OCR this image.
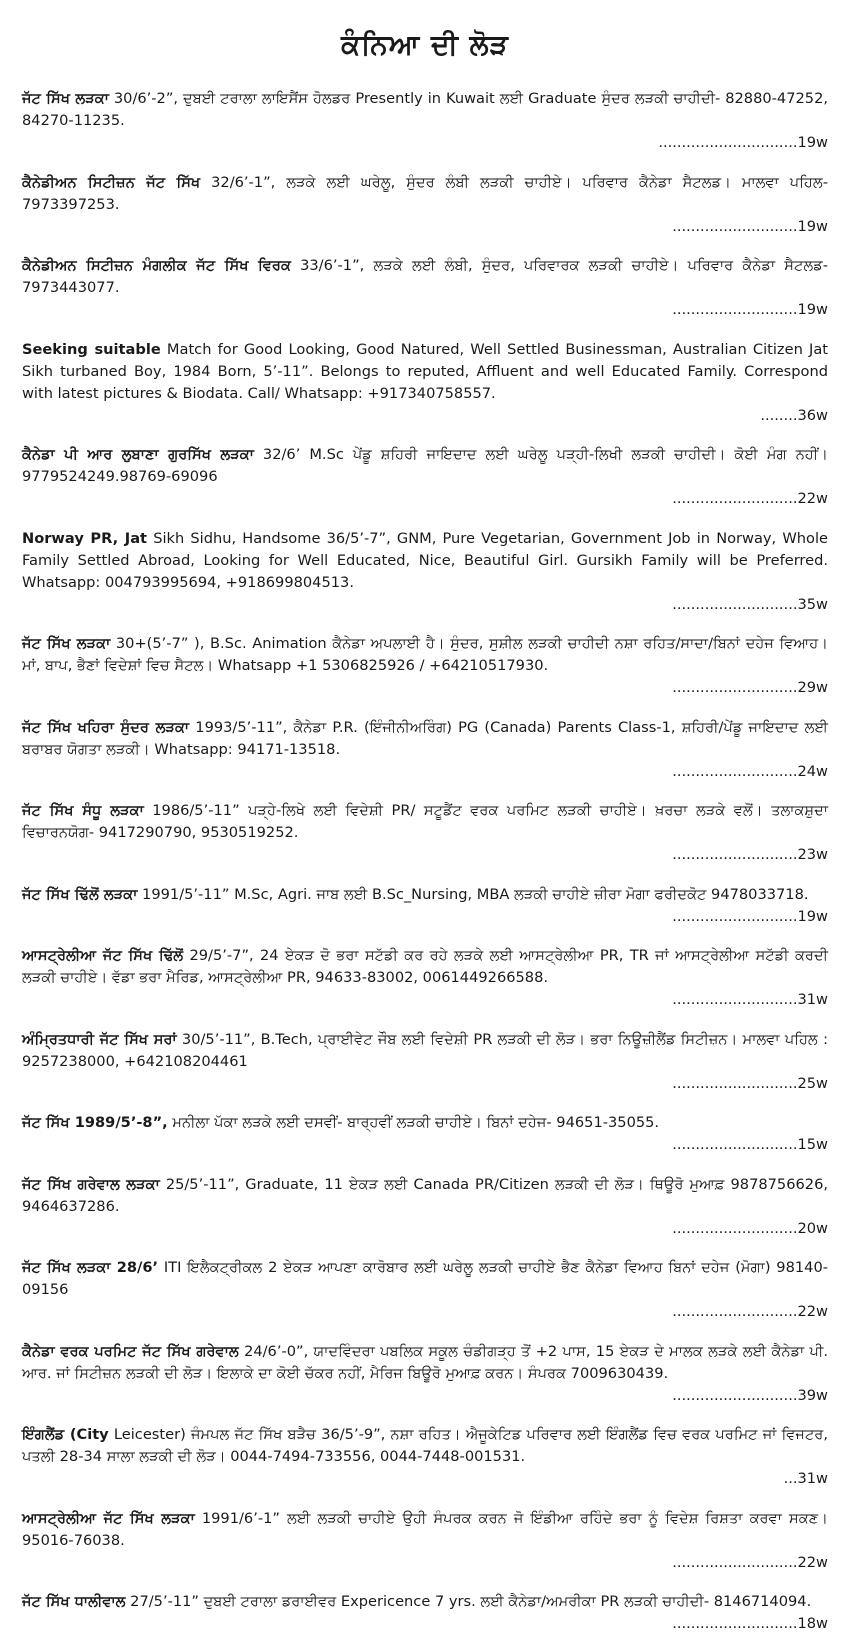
ਕੰਨਿਆ ਦੀ ਲੋੜ
ਜੱਟ ਸਿੱਖ ਲੜਕਾ 30/6’-2”, ਦੁਬਈ ਟਰਾਲਾ ਲਾਇਸੈਂਸ ਹੋਲਡਰ Presently in Kuwait ਲਈ Graduate ਸੁੰਦਰ ਲੜਕੀ ਚਾਹੀਦੀ- 82880-47252, 84270-11235.
.............................. 19w
ਕੈਨੇਡੀਅਨ ਸਿਟੀਜ਼ਨ ਜੱਟ ਸਿੱਖ 32/6’-1”, ਲੜਕੇ ਲਈ ਘਰੇਲੂ, ਸੁੰਦਰ ਲੰਬੀ ਲੜਕੀ ਚਾਹੀਏ। ਪਰਿਵਾਰ ਕੈਨੇਡਾ ਸੈਟਲਡ। ਮਾਲਵਾ ਪਹਿਲ- 7973397253.
........................... 19w
ਕੈਨੇਡੀਅਨ ਸਿਟੀਜ਼ਨ ਮੰਗਲੀਕ ਜੱਟ ਸਿੱਖ ਵਿਰਕ 33/6’-1”, ਲੜਕੇ ਲਈ ਲੰਬੀ, ਸੁੰਦਰ, ਪਰਿਵਾਰਕ ਲੜਕੀ ਚਾਹੀਏ। ਪਰਿਵਾਰ ਕੈਨੇਡਾ ਸੈਟਲਡ- 7973443077.
........................... 19w
Seeking suitable Match for Good Looking, Good Natured, Well Settled Businessman, Australian Citizen Jat Sikh turbaned Boy, 1984 Born, 5’-11”. Belongs to reputed, Affluent and well Educated Family. Correspond with latest pictures & Biodata. Call/ Whatsapp: +917340758557.
........ 36w
ਕੈਨੇਡਾ ਪੀ ਆਰ ਲੁਬਾਣਾ ਗੁਰਸਿੱਖ ਲੜਕਾ 32/6’ M.Sc ਪੇਂਡੂ ਸ਼ਹਿਰੀ ਜਾਇਦਾਦ ਲਈ ਘਰੇਲੂ ਪੜ੍ਹੀ-ਲਿਖੀ ਲੜਕੀ ਚਾਹੀਦੀ। ਕੋਈ ਮੰਗ ਨਹੀਂ। 9779524249.98769-69096
........................... 22w
Norway PR, Jat Sikh Sidhu, Handsome 36/5’-7”, GNM, Pure Vegetarian, Government Job in Norway, Whole Family Settled Abroad, Looking for Well Educated, Nice, Beautiful Girl. Gursikh Family will be Preferred. Whatsapp: 004793995694, +918699804513.
........................... 35w
ਜੱਟ ਸਿੱਖ ਲੜਕਾ 30+(5’-7” ), B.Sc. Animation ਕੈਨੇਡਾ ਅਪਲਾਈ ਹੈ। ਸੁੰਦਰ, ਸੁਸ਼ੀਲ ਲੜਕੀ ਚਾਹੀਦੀ ਨਸ਼ਾ ਰਹਿਤ/ਸਾਦਾ/ਬਿਨਾਂ ਦਹੇਜ ਵਿਆਹ। ਮਾਂ, ਬਾਪ, ਭੈਣਾਂ ਵਿਦੇਸ਼ਾਂ ਵਿਚ ਸੈਟਲ। Whatsapp +1 5306825926 / +64210517930.
........................... 29w
ਜੱਟ ਸਿੱਖ ਖਹਿਰਾ ਸੁੰਦਰ ਲੜਕਾ 1993/5’-11”, ਕੈਨੇਡਾ P.R. (ਇੰਜੀਨੀਅਰਿੰਗ) PG (Canada) Parents Class-1, ਸ਼ਹਿਰੀ/ਪੇਂਡੂ ਜਾਇਦਾਦ ਲਈ ਬਰਾਬਰ ਯੋਗਤਾ ਲੜਕੀ। Whatsapp: 94171-13518.
........................... 24w
ਜੱਟ ਸਿੱਖ ਸੰਧੂ ਲੜਕਾ 1986/5’-11” ਪੜ੍ਹੇ-ਲਿਖੇ ਲਈ ਵਿਦੇਸ਼ੀ PR/ ਸਟੂਡੈਂਟ ਵਰਕ ਪਰਮਿਟ ਲੜਕੀ ਚਾਹੀਏ। ਖ਼ਰਚਾ ਲੜਕੇ ਵਲੋਂ। ਤਲਾਕਸ਼ੁਦਾ ਵਿਚਾਰਨਯੋਗ- 9417290790, 9530519252.
........................... 23w
ਜੱਟ ਸਿੱਖ ਢਿੱਲੋਂ ਲੜਕਾ 1991/5’-11” M.Sc, Agri. ਜਾਬ ਲਈ B.Sc_Nursing, MBA ਲੜਕੀ ਚਾਹੀਏ ਜ਼ੀਰਾ ਮੋਗਾ ਫਰੀਦਕੋਟ 9478033718.
........................... 19w
ਆਸਟ੍ਰੇਲੀਆ ਜੱਟ ਸਿੱਖ ਢਿੱਲੋਂ 29/5’-7”, 24 ਏਕੜ ਦੋ ਭਰਾ ਸਟੱਡੀ ਕਰ ਰਹੇ ਲੜਕੇ ਲਈ ਆਸਟ੍ਰੇਲੀਆ PR, TR ਜਾਂ ਆਸਟ੍ਰੇਲੀਆ ਸਟੱਡੀ ਕਰਦੀ ਲੜਕੀ ਚਾਹੀਏ। ਵੱਡਾ ਭਰਾ ਮੈਰਿਡ, ਆਸਟ੍ਰੇਲੀਆ PR, 94633-83002, 0061449266588.
........................... 31w
ਅੰਮ੍ਰਿਤਧਾਰੀ ਜੱਟ ਸਿੱਖ ਸਰਾਂ 30/5’-11”, B.Tech, ਪ੍ਰਾਈਵੇਟ ਜੌਬ ਲਈ ਵਿਦੇਸ਼ੀ PR ਲੜਕੀ ਦੀ ਲੋੜ। ਭਰਾ ਨਿਊਜ਼ੀਲੈਂਡ ਸਿਟੀਜ਼ਨ। ਮਾਲਵਾ ਪਹਿਲ : 9257238000, +642108204461
........................... 25w
ਜੱਟ ਸਿੱਖ 1989/5’-8”, ਮਨੀਲਾ ਪੱਕਾ ਲੜਕੇ ਲਈ ਦਸਵੀਂ- ਬਾਰ੍ਹਵੀਂ ਲੜਕੀ ਚਾਹੀਏ। ਬਿਨਾਂ ਦਹੇਜ- 94651-35055.
........................... 15w
ਜੱਟ ਸਿੱਖ ਗਰੇਵਾਲ ਲੜਕਾ 25/5’-11”, Graduate, 11 ਏਕੜ ਲਈ Canada PR/Citizen ਲੜਕੀ ਦੀ ਲੋੜ। ਥਿਊਰੋ ਮੁਆਫ਼ 9878756626, 9464637286.
........................... 20w
ਜੱਟ ਸਿੱਖ ਲੜਕਾ 28/6’ ITI ਇਲੈਕਟ੍ਰੀਕਲ 2 ਏਕੜ ਆਪਣਾ ਕਾਰੋਬਾਰ ਲਈ ਘਰੇਲੂ ਲੜਕੀ ਚਾਹੀਏ ਭੈਣ ਕੈਨੇਡਾ ਵਿਆਹ ਬਿਨਾਂ ਦਹੇਜ (ਮੋਗਾ) 98140-09156
........................... 22w
ਕੈਨੇਡਾ ਵਰਕ ਪਰਮਿਟ ਜੱਟ ਸਿੱਖ ਗਰੇਵਾਲ 24/6’-0”, ਯਾਦਵਿੰਦਰਾ ਪਬਲਿਕ ਸਕੂਲ ਚੰਡੀਗੜ੍ਹ ਤੋਂ +2 ਪਾਸ, 15 ਏਕੜ ਦੇ ਮਾਲਕ ਲੜਕੇ ਲਈ ਕੈਨੇਡਾ ਪੀ. ਆਰ. ਜਾਂ ਸਿਟੀਜ਼ਨ ਲੜਕੀ ਦੀ ਲੋੜ। ਇਲਾਕੇ ਦਾ ਕੋਈ ਚੱਕਰ ਨਹੀਂ, ਮੈਰਿਜ ਬਿਊਰੋ ਮੁਆਫ਼ ਕਰਨ। ਸੰਪਰਕ 7009630439.
........................... 39w
ਇੰਗਲੈਂਡ (City Leicester) ਜੰਮਪਲ ਜੱਟ ਸਿੱਖ ਬੜੈਚ 36/5’-9”, ਨਸ਼ਾ ਰਹਿਤ। ਐਜੂਕੇਟਿਡ ਪਰਿਵਾਰ ਲਈ ਇੰਗਲੈਂਡ ਵਿਚ ਵਰਕ ਪਰਮਿਟ ਜਾਂ ਵਿਜਟਰ, ਪਤਲੀ 28-34 ਸਾਲਾ ਲੜਕੀ ਦੀ ਲੋੜ। 0044-7494-733556, 0044-7448-001531.
... 31w
ਆਸਟ੍ਰੇਲੀਆ ਜੱਟ ਸਿੱਖ ਲੜਕਾ 1991/6’-1” ਲਈ ਲੜਕੀ ਚਾਹੀਏ ਉਹੀ ਸੰਪਰਕ ਕਰਨ ਜੋ ਇੰਡੀਆ ਰਹਿੰਦੇ ਭਰਾ ਨੂੰ ਵਿਦੇਸ਼ ਰਿਸ਼ਤਾ ਕਰਵਾ ਸਕਣ। 95016-76038.
........................... 22w
ਜੱਟ ਸਿੱਖ ਧਾਲੀਵਾਲ 27/5’-11” ਦੁਬਈ ਟਰਾਲਾ ਡਰਾਈਵਰ Expericence 7 yrs. ਲਈ ਕੈਨੇਡਾ/ਅਮਰੀਕਾ PR ਲੜਕੀ ਚਾਹੀਦੀ- 8146714094.
........................... 18w
